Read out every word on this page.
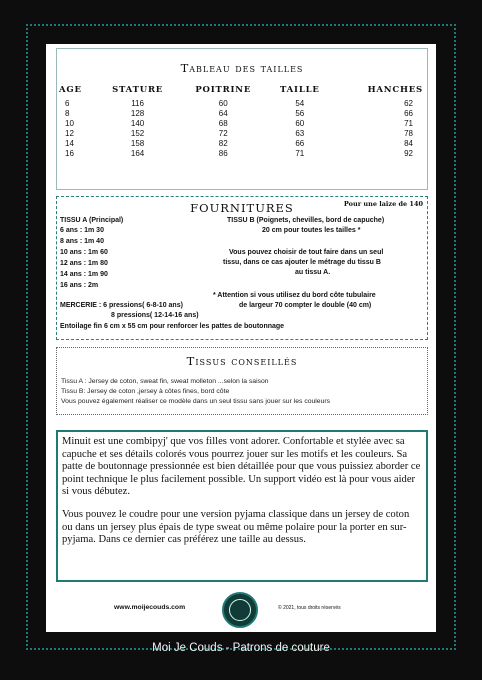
Tableau des tailles
AGE	STATURE	POITRINE	TAILLE	HANCHES
6	116	60	54	62
8	128	64	56	66
10	140	68	60	71
12	152	72	63	78
14	158	82	66	84
16	164	86	71	92
FOURNITURES	Pour une laize de 140
TISSU A (Principal)
6 ans : 1m 30
8 ans : 1m 40
10 ans : 1m 60
12 ans : 1m 80
14 ans : 1m 90
16 ans : 2m
TISSU B (Poignets, chevilles, bord de capuche)
20 cm pour toutes les tailles *
Vous pouvez choisir de tout faire dans un seul
tissu, dans ce cas ajouter le métrage du tissu B
au tissu A.
* Attention si vous utilisez du bord côte tubulaire
de largeur 70 compter le double (40 cm)
MERCERIE : 6 pressions( 6-8-10 ans)
8 pressions( 12-14-16 ans)
Entoilage fin 6 cm x 55 cm pour renforcer les pattes de boutonnage
Tissus conseillés
Tissu A : Jersey de coton, sweat fin, sweat molleton ...selon la saison
Tissu B: Jersey de coton ,jersey à côtes fines, bord côte
Vous pouvez également réaliser ce modèle dans un seul tissu sans jouer sur les couleurs

Minuit est une combipyj' que vos filles vont adorer. Confortable et stylée avec sa capuche et ses détails colorés vous pourrez jouer sur les motifs et les couleurs. Sa patte de boutonnage pressionnée est bien détaillée pour que vous puissiez aborder ce point technique le plus facilement possible. Un support vidéo est là pour vous aider si vous débutez.

Vous pouvez le coudre pour une version pyjama classique dans un jersey de coton ou dans un jersey plus épais de type sweat ou même polaire pour la porter en sur-pyjama. Dans ce dernier cas préférez une taille au dessus.

www.moijecouds.com	© 2021, tous droits réservés
Moi Je Couds - Patrons de couture
